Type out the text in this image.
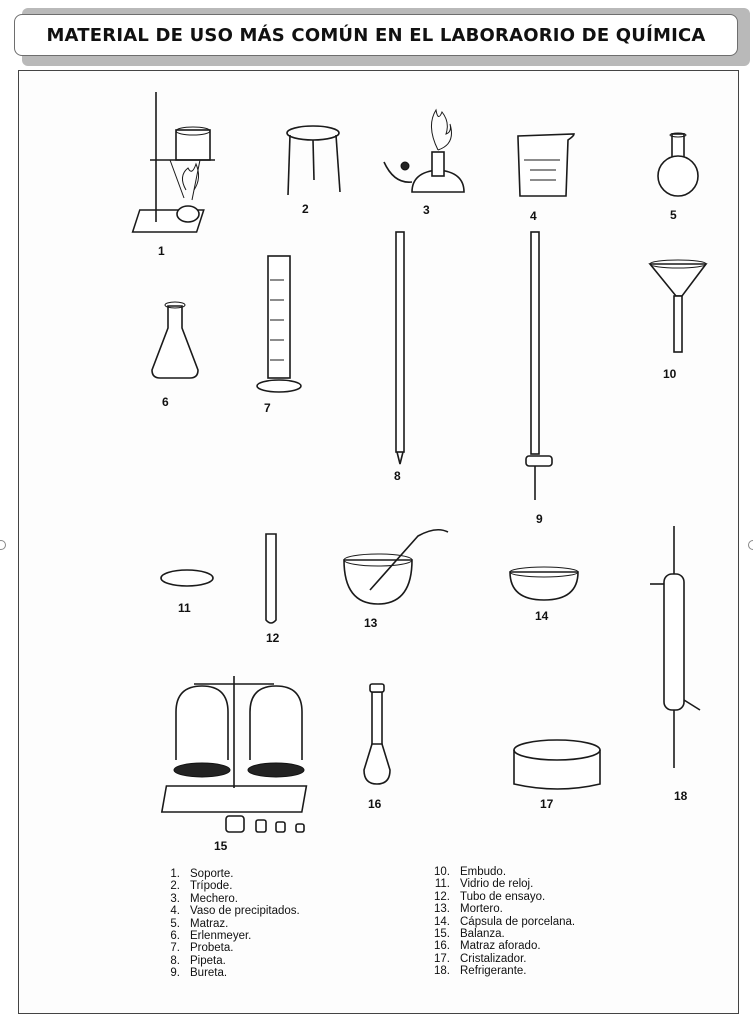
MATERIAL DE USO MÁS COMÚN EN EL LABORAORIO DE QUÍMICA
1
2	3	4	5
6	7
8
9
10
11
12
13	14
15
16	17
18
1. Soporte.
2. Trípode.
3. Mechero.
4. Vaso de precipitados.
5. Matraz.
6. Erlenmeyer.
7. Probeta.
8. Pipeta.
9. Bureta.
10. Embudo.
11. Vidrio de reloj.
12. Tubo de ensayo.
13. Mortero.
14. Cápsula de porcelana.
15. Balanza.
16. Matraz aforado.
17. Cristalizador.
18. Refrigerante.
